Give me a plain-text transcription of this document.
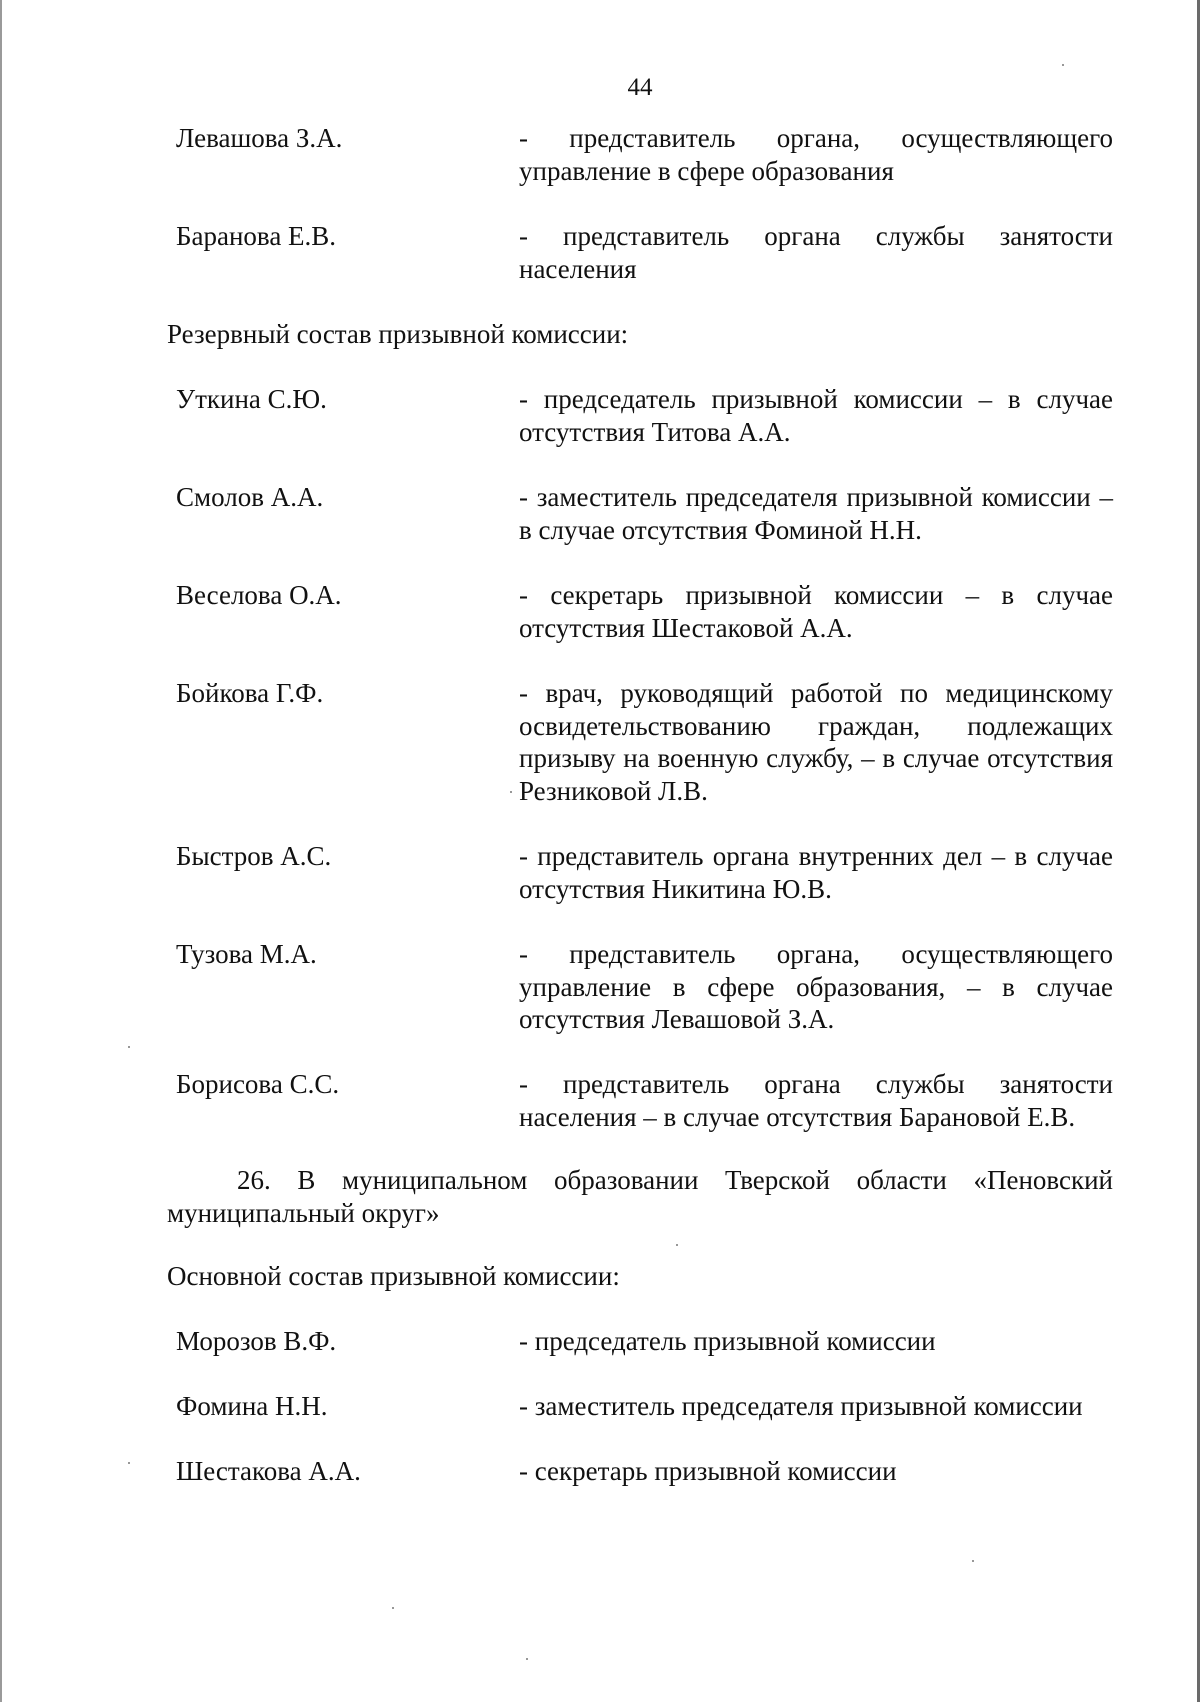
44
Левашова З.А.	- представитель органа, осуществляющего управление в сфере образования
Баранова Е.В.	- представитель органа службы занятости населения
Резервный состав призывной комиссии:
Уткина С.Ю.	- председатель призывной комиссии – в случае отсутствия Титова А.А.
Смолов А.А.	- заместитель председателя призывной комиссии – в случае отсутствия Фоминой Н.Н.
Веселова О.А.	- секретарь призывной комиссии – в случае отсутствия Шестаковой А.А.
Бойкова Г.Ф.	- врач, руководящий работой по медицинскому освидетельствованию граждан, подлежащих призыву на военную службу, – в случае отсутствия Резниковой Л.В.
Быстров А.С.	- представитель органа внутренних дел – в случае отсутствия Никитина Ю.В.
Тузова М.А.	- представитель органа, осуществляющего управление в сфере образования, – в случае отсутствия Левашовой З.А.
Борисова С.С.	- представитель органа службы занятости населения – в случае отсутствия Барановой Е.В.
26. В муниципальном образовании Тверской области «Пеновский муниципальный округ»
Основной состав призывной комиссии:
Морозов В.Ф.	- председатель призывной комиссии
Фомина Н.Н.	- заместитель председателя призывной комиссии
Шестакова А.А.	- секретарь призывной комиссии
